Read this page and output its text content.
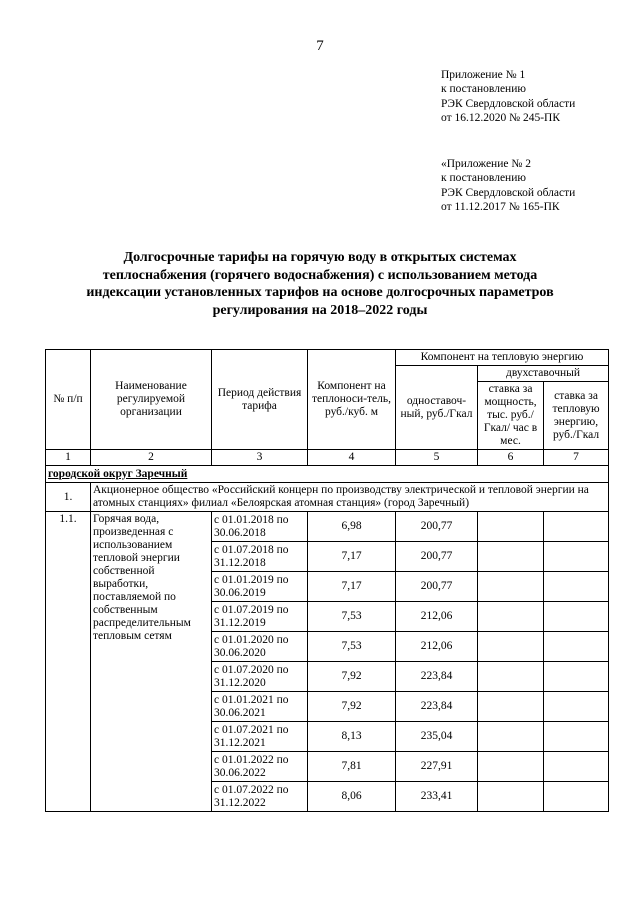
7
Приложение № 1
к постановлению
РЭК Свердловской области
от 16.12.2020 № 245-ПК
«Приложение № 2
к постановлению
РЭК Свердловской области
от 11.12.2017 № 165-ПК
Долгосрочные тарифы на горячую воду в открытых системах
теплоснабжения (горячего водоснабжения) с использованием метода
индексации установленных тарифов на основе долгосрочных параметров
регулирования на 2018–2022 годы
№ п/п	Наименование регулируемой организации	Период действия тарифа	Компонент на теплоноси-тель, руб./куб. м	Компонент на тепловую энергию		
				одноставоч-ный, руб./Гкал	двухставочный	
					ставка за мощность, тыс. руб./Гкал/ час в мес.	ставка за тепловую энергию, руб./Гкал
1	2	3	4	5	6	7
городской округ Заречный						
1.	Акционерное общество «Российский концерн по производству электрической и тепловой энергии на атомных станциях» филиал «Белоярская атомная станция» (город Заречный)					
1.1.	Горячая вода, произведенная с использованием тепловой энергии собственной выработки, поставляемой по собственным распределительным тепловым сетям	с 01.01.2018 по 30.06.2018	6,98	200,77		
		с 01.07.2018 по 31.12.2018	7,17	200,77		
		с 01.01.2019 по 30.06.2019	7,17	200,77		
		с 01.07.2019 по 31.12.2019	7,53	212,06		
		с 01.01.2020 по 30.06.2020	7,53	212,06		
		с 01.07.2020 по 31.12.2020	7,92	223,84		
		с 01.01.2021 по 30.06.2021	7,92	223,84		
		с 01.07.2021 по 31.12.2021	8,13	235,04		
		с 01.01.2022 по 30.06.2022	7,81	227,91		
		с 01.07.2022 по 31.12.2022	8,06	233,41		
